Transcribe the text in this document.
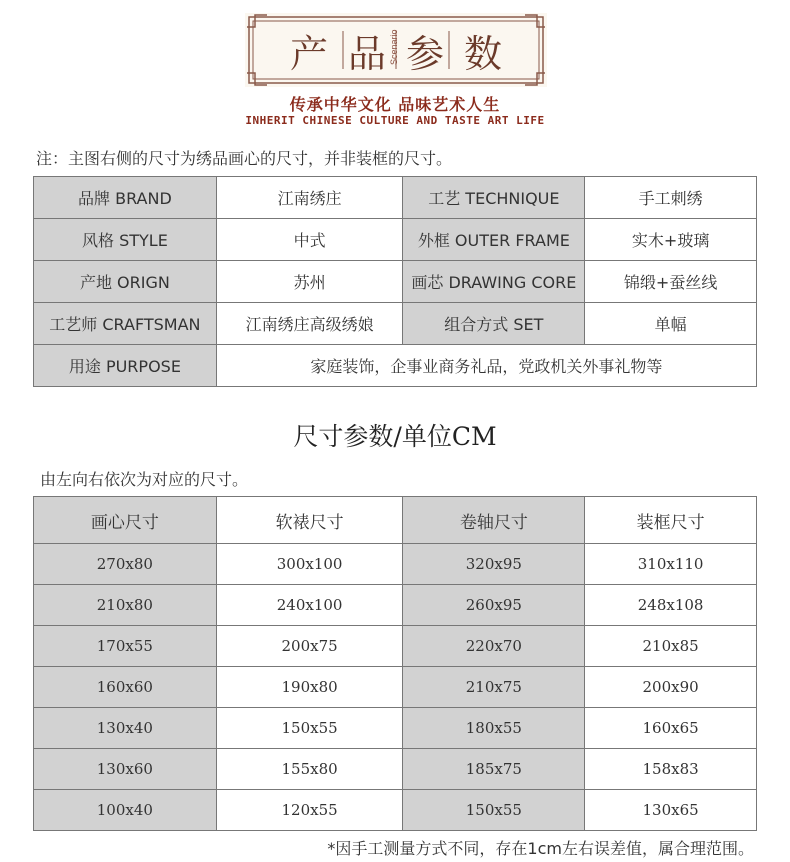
产 品 参 数
Scenario
传承中华文化 品味艺术人生
INHERIT CHINESE CULTURE AND TASTE ART LIFE
注：主图右侧的尺寸为绣品画心的尺寸，并非装框的尺寸。
品牌 BRAND	江南绣庄	工艺 TECHNIQUE	手工刺绣
风格 STYLE	中式	外框 OUTER FRAME	实木+玻璃
产地 ORIGN	苏州	画芯 DRAWING CORE	锦缎+蚕丝线
工艺师 CRAFTSMAN	江南绣庄高级绣娘	组合方式 SET	单幅
用途 PURPOSE	家庭装饰，企事业商务礼品，党政机关外事礼物等		
尺寸参数/单位CM
由左向右依次为对应的尺寸。
画心尺寸	软裱尺寸	卷轴尺寸	装框尺寸
270x80	300x100	320x95	310x110
210x80	240x100	260x95	248x108
170x55	200x75	220x70	210x85
160x60	190x80	210x75	200x90
130x40	150x55	180x55	160x65
130x60	155x80	185x75	158x83
100x40	120x55	150x55	130x65
*因手工测量方式不同，存在1cm左右误差值，属合理范围。
